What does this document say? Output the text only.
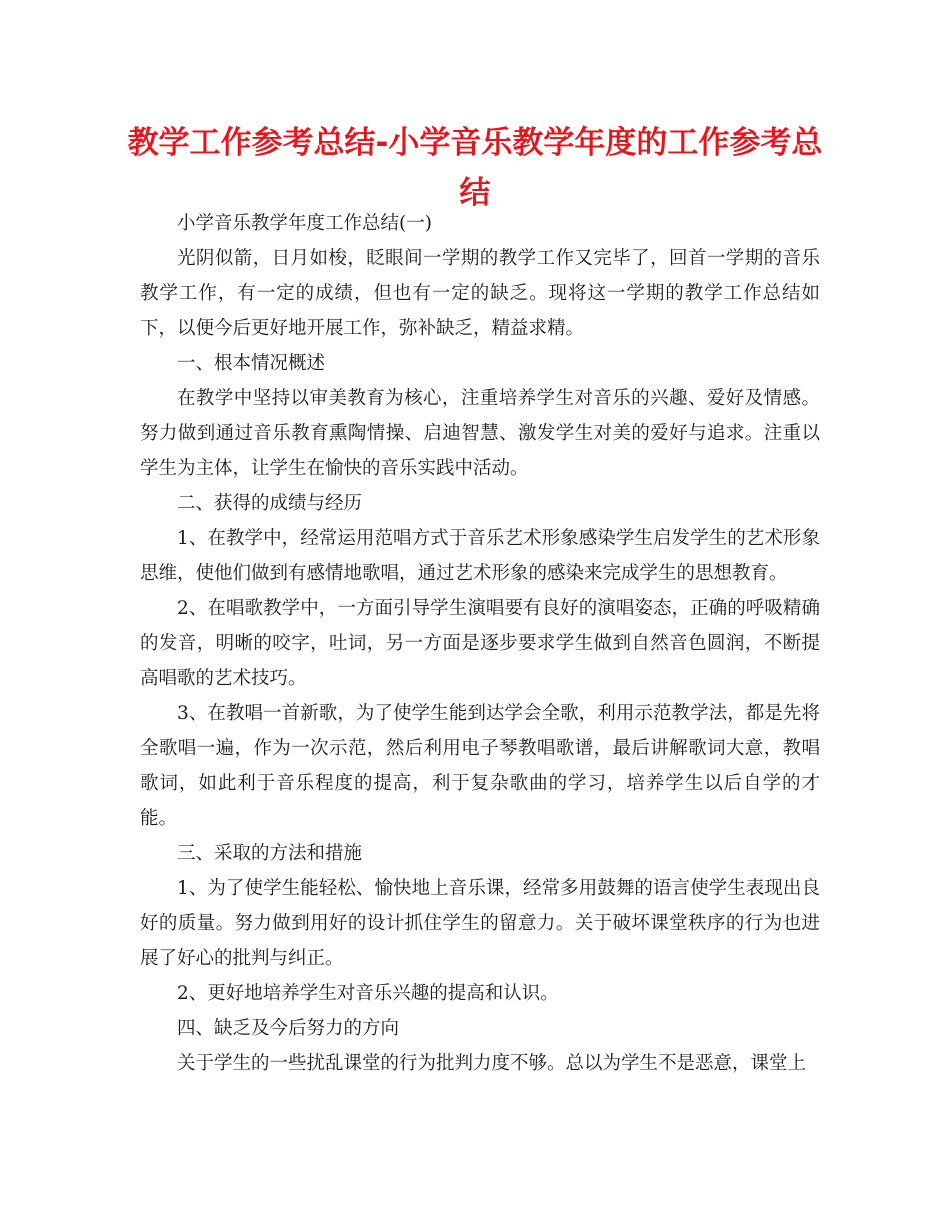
教学工作参考总结-小学音乐教学年度的工作参考总结

小学音乐教学年度工作总结(一)

光阴似箭，日月如梭，眨眼间一学期的教学工作又完毕了，回首一学期的音乐教学工作，有一定的成绩，但也有一定的缺乏。现将这一学期的教学工作总结如下，以便今后更好地开展工作，弥补缺乏，精益求精。

一、根本情况概述

在教学中坚持以审美教育为核心，注重培养学生对音乐的兴趣、爱好及情感。努力做到通过音乐教育熏陶情操、启迪智慧、激发学生对美的爱好与追求。注重以学生为主体，让学生在愉快的音乐实践中活动。

二、获得的成绩与经历

1、在教学中，经常运用范唱方式于音乐艺术形象感染学生启发学生的艺术形象思维，使他们做到有感情地歌唱，通过艺术形象的感染来完成学生的思想教育。

2、在唱歌教学中，一方面引导学生演唱要有良好的演唱姿态，正确的呼吸精确的发音，明晰的咬字，吐词，另一方面是逐步要求学生做到自然音色圆润，不断提高唱歌的艺术技巧。

3、在教唱一首新歌，为了使学生能到达学会全歌，利用示范教学法，都是先将全歌唱一遍，作为一次示范，然后利用电子琴教唱歌谱，最后讲解歌词大意，教唱歌词，如此利于音乐程度的提高，利于复杂歌曲的学习，培养学生以后自学的才能。

三、采取的方法和措施

1、为了使学生能轻松、愉快地上音乐课，经常多用鼓舞的语言使学生表现出良好的质量。努力做到用好的设计抓住学生的留意力。关于破坏课堂秩序的行为也进展了好心的批判与纠正。

2、更好地培养学生对音乐兴趣的提高和认识。

四、缺乏及今后努力的方向

关于学生的一些扰乱课堂的行为批判力度不够。总以为学生不是恶意，课堂上
